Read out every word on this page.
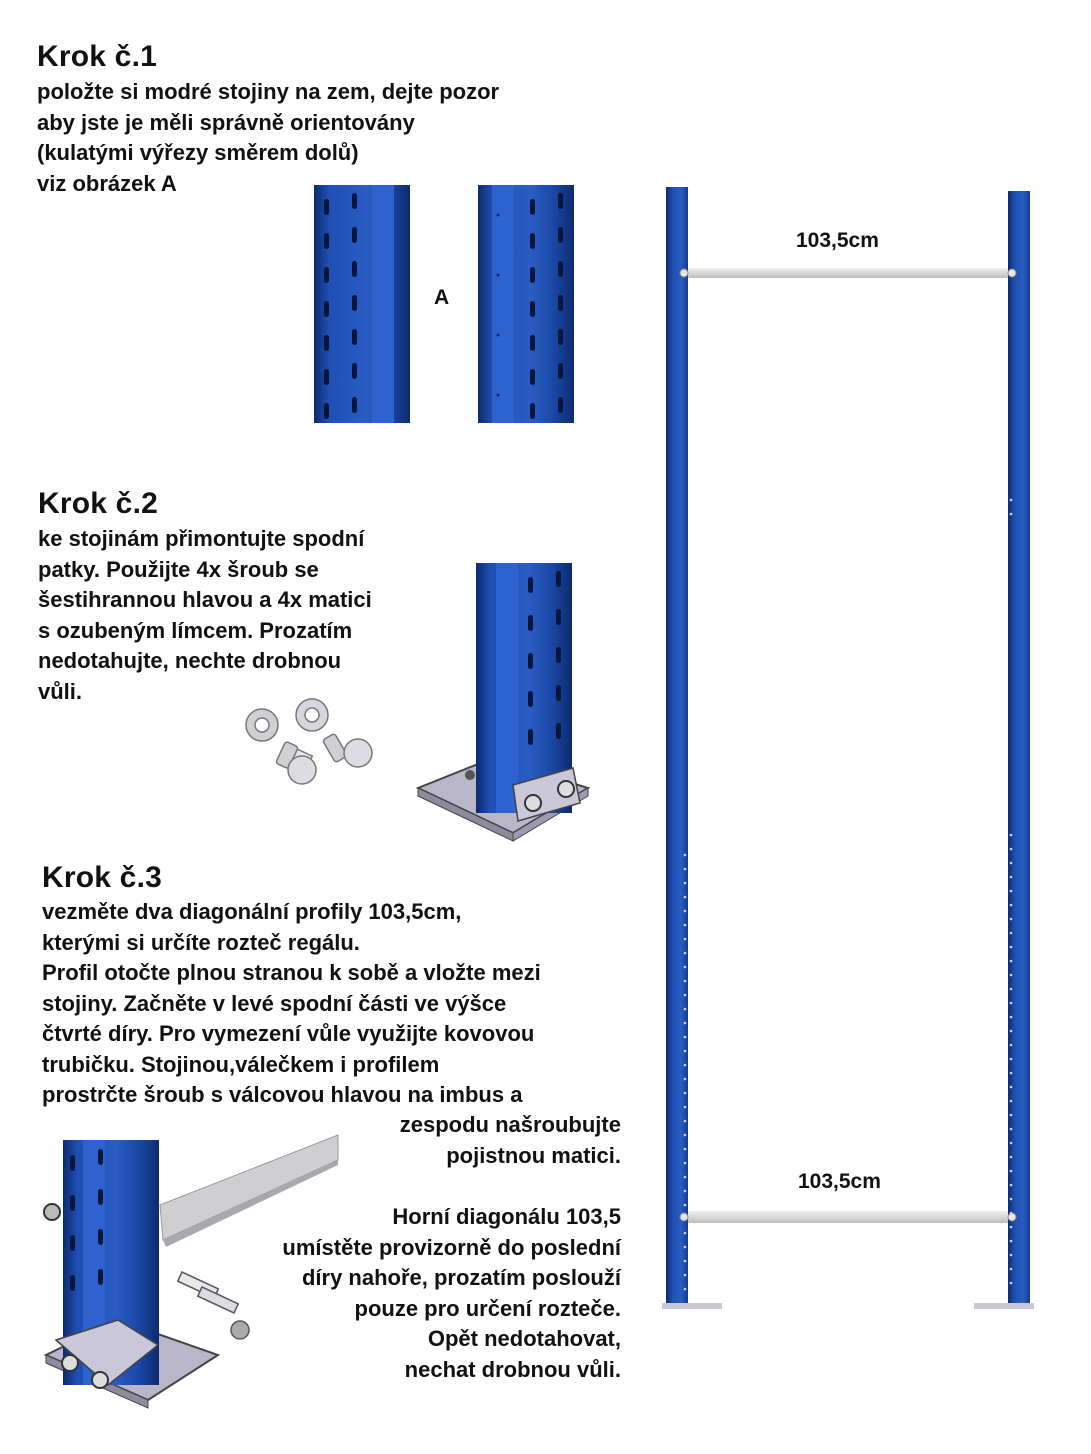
Krok č.1
položte si modré stojiny na zem, dejte pozor
aby jste je měli správně orientovány
(kulatými výřezy směrem dolů)
viz obrázek A
A
Krok č.2
ke stojinám přimontujte spodní
patky. Použijte 4x šroub se
šestihrannou hlavou a 4x matici
s ozubeným límcem. Prozatím
nedotahujte, nechte drobnou
vůli.
Krok č.3
vezměte dva diagonální profily 103,5cm,
kterými si určíte rozteč regálu.
Profil otočte plnou stranou k sobě a vložte mezi
stojiny. Začněte v levé spodní části ve výšce
čtvrté díry. Pro vymezení vůle využijte kovovou
trubičku. Stojinou,válečkem i profilem
prostrčte šroub s válcovou hlavou na imbus a
zespodu našroubujte
pojistnou matici.
Horní diagonálu 103,5
umístěte provizorně do poslední
díry nahoře, prozatím poslouží
pouze pro určení rozteče.
Opět nedotahovat,
nechat drobnou vůli.
103,5cm
103,5cm
